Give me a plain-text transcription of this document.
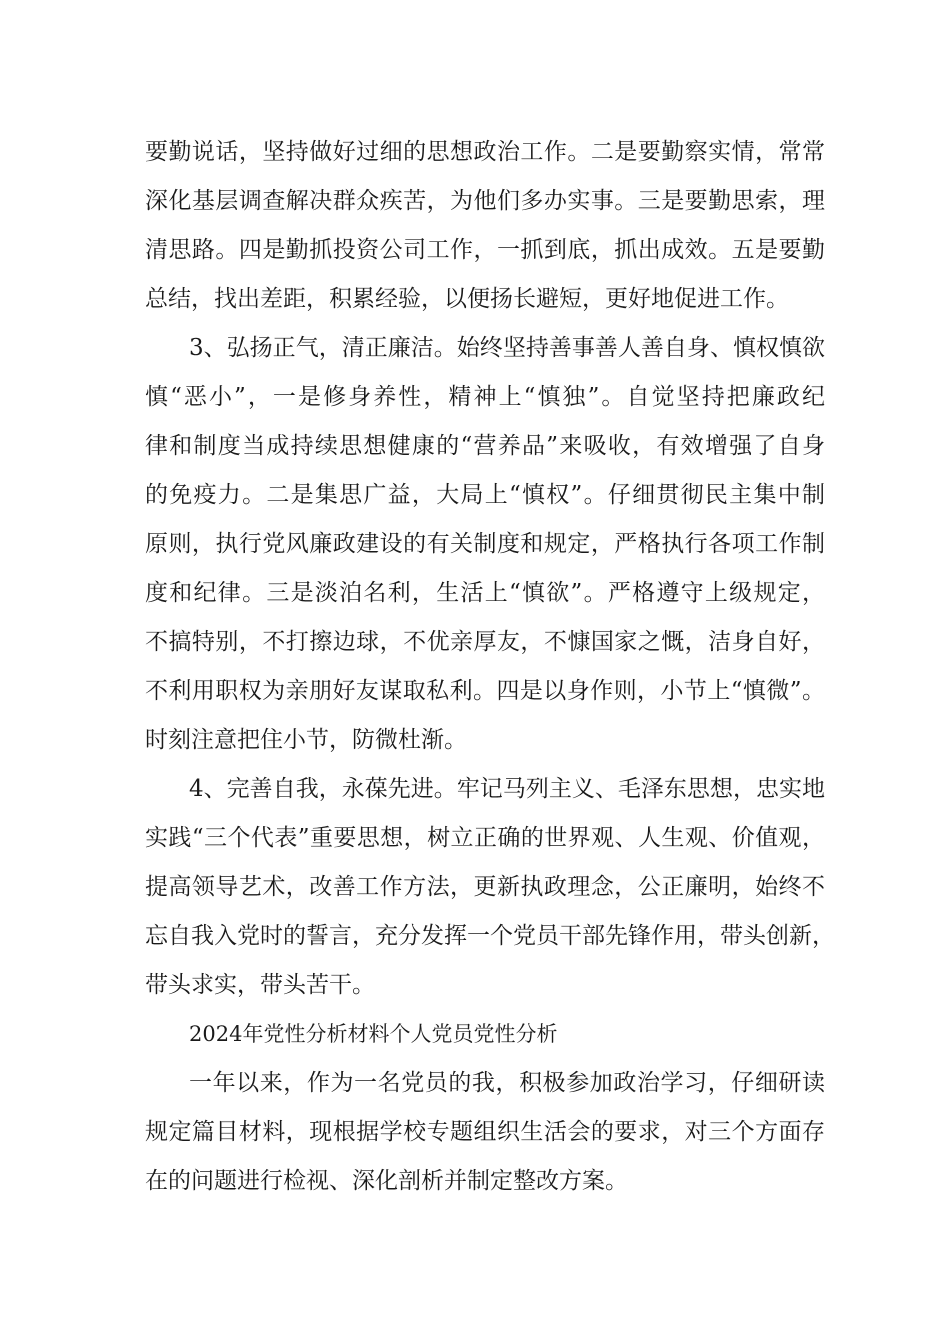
要勤说话，坚持做好过细的思想政治工作。二是要勤察实情，常常
深化基层调查解决群众疾苦，为他们多办实事。三是要勤思索，理
清思路。四是勤抓投资公司工作，一抓到底，抓出成效。五是要勤
总结，找出差距，积累经验，以便扬长避短，更好地促进工作。
3、弘扬正气，清正廉洁。始终坚持善事善人善自身、慎权慎欲
慎“恶小”，一是修身养性，精神上“慎独”。自觉坚持把廉政纪
律和制度当成持续思想健康的“营养品”来吸收，有效增强了自身
的免疫力。二是集思广益，大局上“慎权”。仔细贯彻民主集中制
原则，执行党风廉政建设的有关制度和规定，严格执行各项工作制
度和纪律。三是淡泊名利，生活上“慎欲”。严格遵守上级规定，
不搞特别，不打擦边球，不优亲厚友，不慷国家之慨，洁身自好，
不利用职权为亲朋好友谋取私利。四是以身作则，小节上“慎微”。
时刻注意把住小节，防微杜渐。
4、完善自我，永葆先进。牢记马列主义、毛泽东思想，忠实地
实践“三个代表”重要思想，树立正确的世界观、人生观、价值观，
提高领导艺术，改善工作方法，更新执政理念，公正廉明，始终不
忘自我入党时的誓言，充分发挥一个党员干部先锋作用，带头创新，
带头求实，带头苦干。
2024年党性分析材料个人党员党性分析
一年以来，作为一名党员的我，积极参加政治学习，仔细研读
规定篇目材料，现根据学校专题组织生活会的要求，对三个方面存
在的问题进行检视、深化剖析并制定整改方案。
